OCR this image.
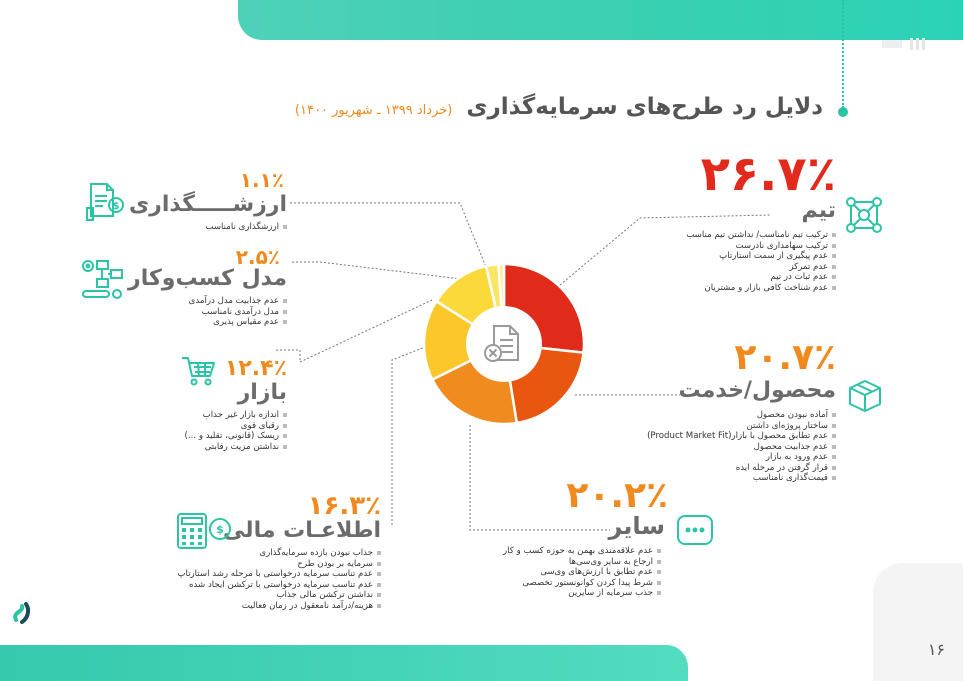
دلایل رد طرح‌های سرمایه‌گذاری (خرداد ۱۳۹۹ ـ شهریور ۱۴۰۰)
۲۶.۷٪
تیم
ترکیب تیم نامناسب/ نداشتن تیم مناسب
ترکیب سهامداری نادرست
عدم پیگیری از سمت استارتاپ
عدم تمرکز
عدم ثبات در تیم
عدم شناخت کافی بازار و مشتریان
۲۰.۷٪
محصول/خدمت
آماده نبودن محصول
ساختار پروژه‌ای داشتن
عدم تطابق محصول با بازار(Product Market Fit)
عدم جذابیت محصول
عدم ورود به بازار
قرار گرفتن در مرحله ایده
قیمت‌گذاری نامناسب
۲۰.۲٪
سایر
عدم علاقه‌مندی بهمن به حوزه کسب و کار
ارجاع به سایر وی‌سی‌ها
عدم تطابق با ارزش‌های وی‌سی
شرط پیدا کردن کوانونستور تخصصی
جذب سرمایه از سایرین
۱۶.۳٪
اطلاعـات مالی
$
جذاب نبودن بازده سرمایه‌گذاری
سرمایه بر بودن طرح
عدم تناسب سرمایه درخواستی با مرحله رشد استارتاپ
عدم تناسب سرمایه درخواستی با ترکشن ایجاد شده
نداشتن ترکشن مالی جذاب
هزینه/درآمد نامعقول در زمان فعالیت
۱۲.۴٪
بازار
اندازه بازار غیر جذاب
رقبای قوی
ریسک (قانونی، تقلید و ...)
نداشتن مزیت رقابتی
۲.۵٪
مدل کسب‌وکار
عدم جذابیت مدل درآمدی
مدل درآمدی نامناسب
عدم مقیاس پذیری
۱.۱٪
ارزشـــــگذاری
$
ارزشگذاری نامناسب
۱۶
